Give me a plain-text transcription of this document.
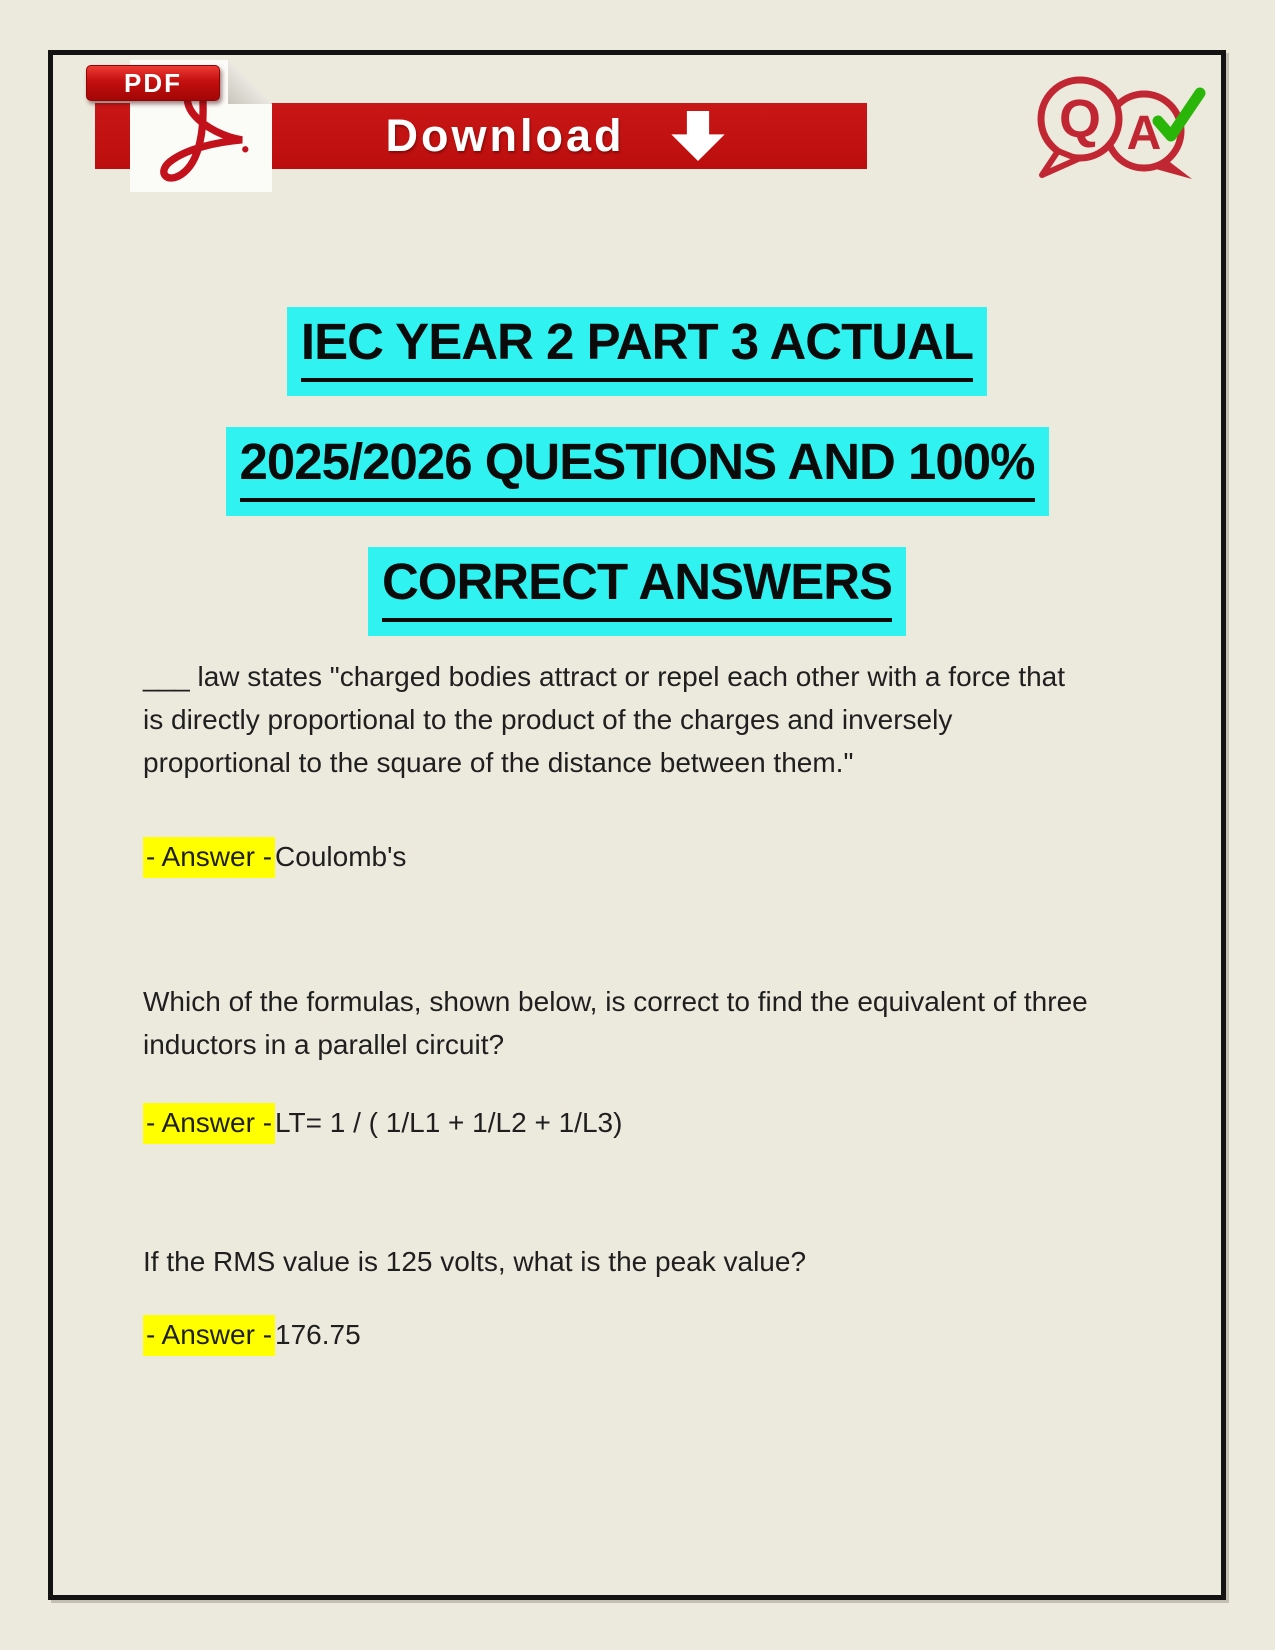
Download
PDF
Q A
IEC YEAR 2 PART 3 ACTUAL
2025/2026 QUESTIONS AND 100%
CORRECT ANSWERS
___ law states "charged bodies attract or repel each other with a force that is directly proportional to the product of the charges and inversely proportional to the square of the distance between them."
- Answer - Coulomb's
Which of the formulas, shown below, is correct to find the equivalent of three inductors in a parallel circuit?
- Answer - LT= 1 / ( 1/L1 + 1/L2 + 1/L3)
If the RMS value is 125 volts, what is the peak value?
- Answer - 176.75
